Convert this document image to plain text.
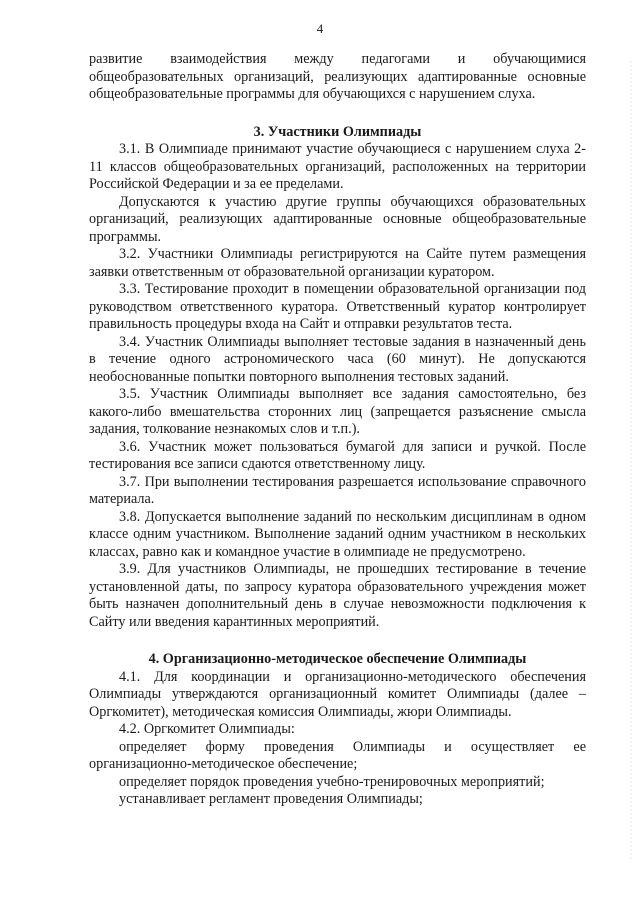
4

развитие взаимодействия между педагогами и обучающимися общеобразовательных организаций, реализующих адаптированные основные общеобразовательные программы для обучающихся с нарушением слуха.

3. Участники Олимпиады

3.1. В Олимпиаде принимают участие обучающиеся с нарушением слуха 2-11 классов общеобразовательных организаций, расположенных на территории Российской Федерации и за ее пределами.

Допускаются к участию другие группы обучающихся образовательных организаций, реализующих адаптированные основные общеобразовательные программы.

3.2. Участники Олимпиады регистрируются на Сайте путем размещения заявки ответственным от образовательной организации куратором.

3.3. Тестирование проходит в помещении образовательной организации под руководством ответственного куратора. Ответственный куратор контролирует правильность процедуры входа на Сайт и отправки результатов теста.

3.4. Участник Олимпиады выполняет тестовые задания в назначенный день в течение одного астрономического часа (60 минут). Не допускаются необоснованные попытки повторного выполнения тестовых заданий.

3.5. Участник Олимпиады выполняет все задания самостоятельно, без какого-либо вмешательства сторонних лиц (запрещается разъяснение смысла задания, толкование незнакомых слов и т.п.).

3.6. Участник может пользоваться бумагой для записи и ручкой. После тестирования все записи сдаются ответственному лицу.

3.7. При выполнении тестирования разрешается использование справочного материала.

3.8. Допускается выполнение заданий по нескольким дисциплинам в одном классе одним участником. Выполнение заданий одним участником в нескольких классах, равно как и командное участие в олимпиаде не предусмотрено.

3.9. Для участников Олимпиады, не прошедших тестирование в течение установленной даты, по запросу куратора образовательного учреждения может быть назначен дополнительный день в случае невозможности подключения к Сайту или введения карантинных мероприятий.

4. Организационно-методическое обеспечение Олимпиады

4.1. Для координации и организационно-методического обеспечения Олимпиады утверждаются организационный комитет Олимпиады (далее – Оргкомитет), методическая комиссия Олимпиады, жюри Олимпиады.

4.2. Оргкомитет Олимпиады:

определяет форму проведения Олимпиады и осуществляет ее организационно-методическое обеспечение;

определяет порядок проведения учебно-тренировочных мероприятий;

устанавливает регламент проведения Олимпиады;
